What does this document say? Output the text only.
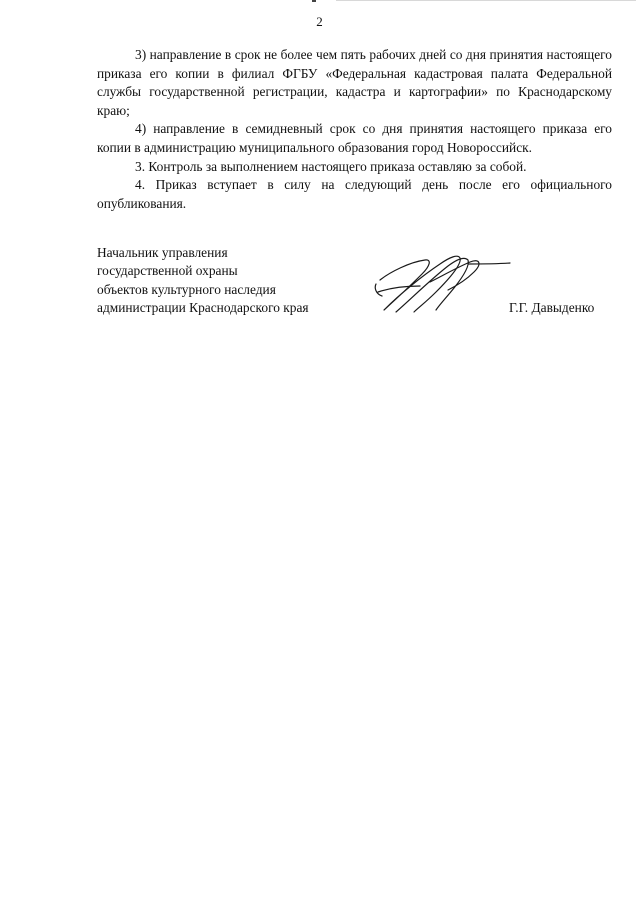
2

3) направление в срок не более чем пять рабочих дней со дня принятия настоящего приказа его копии в филиал ФГБУ «Федеральная кадастровая палата Федеральной службы государственной регистрации, кадастра и картографии» по Краснодарскому краю;

4) направление в семидневный срок со дня принятия настоящего приказа его копии в администрацию муниципального образования город Новороссийск.

3. Контроль за выполнением настоящего приказа оставляю за собой.

4. Приказ вступает в силу на следующий день после его официального опубликования.

Начальник управления
государственной охраны
объектов культурного наследия
администрации Краснодарского края	Г.Г. Давыденко
